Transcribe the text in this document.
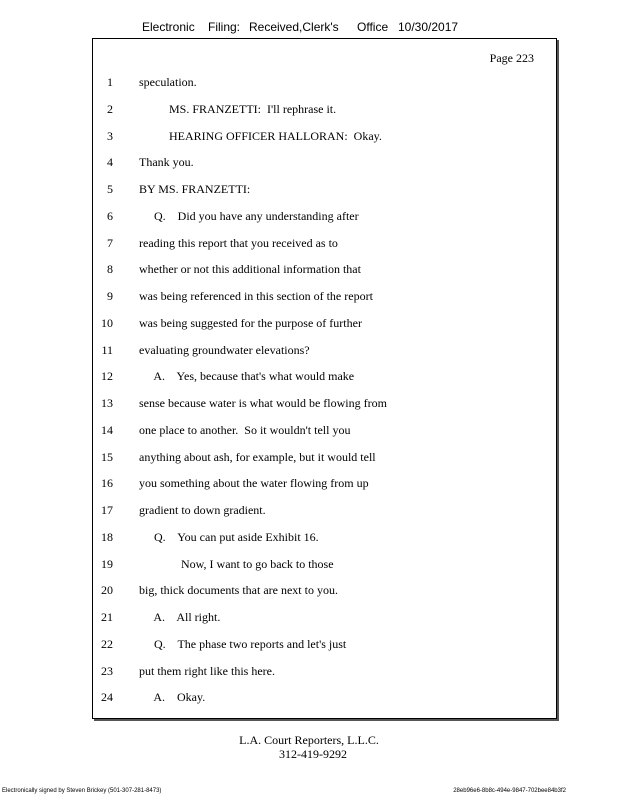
Electronic Filing: Received,Clerk's Office 10/30/2017
Page 223
1 speculation.
2 MS. FRANZETTI:  I'll rephrase it.
3 HEARING OFFICER HALLORAN:  Okay.
4 Thank you.
5 BY MS. FRANZETTI:
6 Q.    Did you have any understanding after
7 reading this report that you received as to
8 whether or not this additional information that
9 was being referenced in this section of the report
10 was being suggested for the purpose of further
11 evaluating groundwater elevations?
12 A.    Yes, because that's what would make
13 sense because water is what would be flowing from
14 one place to another.  So it wouldn't tell you
15 anything about ash, for example, but it would tell
16 you something about the water flowing from up
17 gradient to down gradient.
18 Q.    You can put aside Exhibit 16.
19 Now, I want to go back to those
20 big, thick documents that are next to you.
21 A.    All right.
22 Q.    The phase two reports and let's just
23 put them right like this here.
24 A.    Okay.
L.A. Court Reporters, L.L.C.
312-419-9292
Electronically signed by Steven Brickey (501-307-281-8473)	28eb96e6-8b8c-494e-9847-702bee84b3f2
